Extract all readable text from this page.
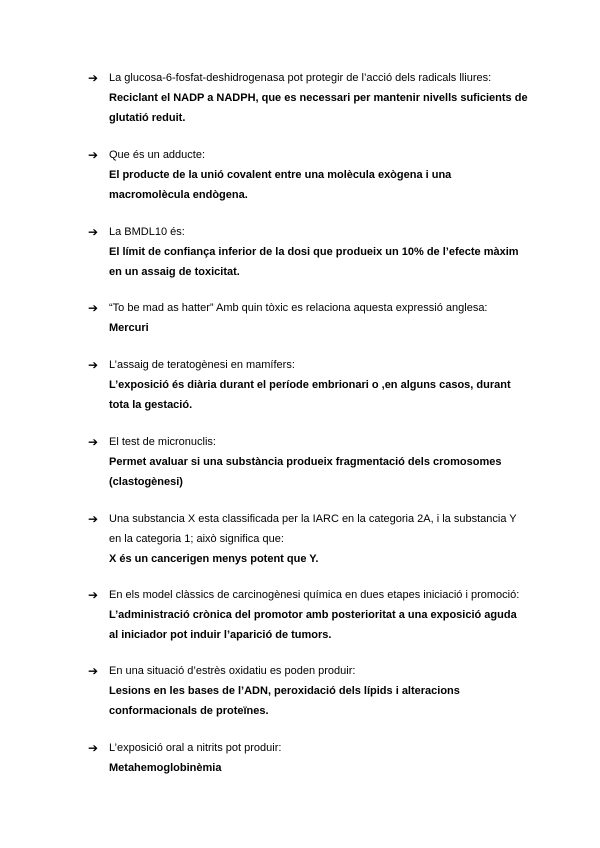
➔ La glucosa-6-fosfat-deshidrogenasa pot protegir de l’acció dels radicals lliures:
Reciclant el NADP a NADPH, que es necessari per mantenir nivells suficients de glutatió reduit.
➔ Que és un adducte:
El producte de la unió covalent entre una molècula exògena i una macromolècula endògena.
➔ La BMDL10 és:
El límit de confiança inferior de la dosi que produeix un 10% de l’efecte màxim en un assaig de toxicitat.
➔ “To be mad as hatter” Amb quin tòxic es relaciona aquesta expressió anglesa:
Mercuri
➔ L’assaig de teratogènesi en mamífers:
L’exposició és diària durant el període embrionari o ,en alguns casos, durant tota la gestació.
➔ El test de micronuclis:
Permet avaluar si una substància produeix fragmentació dels cromosomes (clastogènesi)
➔ Una substancia X esta classificada per la IARC en la categoria 2A, i la substancia Y en la categoria 1; això significa que:
X és un cancerigen menys potent que Y.
➔ En els model clàssics de carcinogènesi química en dues etapes iniciació i promoció:
L’administració crònica del promotor amb posterioritat a una exposició aguda al iniciador pot induir l’aparició de tumors.
➔ En una situació d’estrès oxidatiu es poden produir:
Lesions en les bases de l’ADN, peroxidació dels lípids i alteracions conformacionals de proteïnes.
➔ L’exposició oral a nitrits pot produir:
Metahemoglobinèmia
